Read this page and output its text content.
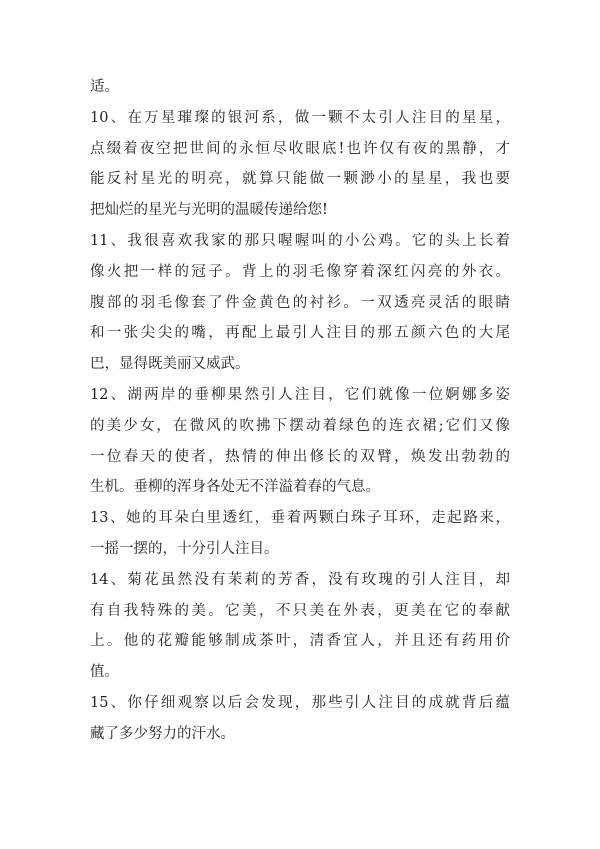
适。
10、在万星璀璨的银河系，做一颗不太引人注目的星星，
点缀着夜空把世间的永恒尽收眼底!也许仅有夜的黑静，才
能反衬星光的明亮，就算只能做一颗渺小的星星，我也要
把灿烂的星光与光明的温暖传递给您!
11、我很喜欢我家的那只喔喔叫的小公鸡。它的头上长着
像火把一样的冠子。背上的羽毛像穿着深红闪亮的外衣。
腹部的羽毛像套了件金黄色的衬衫。一双透亮灵活的眼睛
和一张尖尖的嘴，再配上最引人注目的那五颜六色的大尾
巴，显得既美丽又威武。
12、湖两岸的垂柳果然引人注目，它们就像一位婀娜多姿
的美少女，在微风的吹拂下摆动着绿色的连衣裙;它们又像
一位春天的使者，热情的伸出修长的双臂，焕发出勃勃的
生机。垂柳的浑身各处无不洋溢着春的气息。
13、她的耳朵白里透红，垂着两颗白珠子耳环，走起路来，
一摇一摆的，十分引人注目。
14、菊花虽然没有茉莉的芳香，没有玫瑰的引人注目，却
有自我特殊的美。它美，不只美在外表，更美在它的奉献
上。他的花瓣能够制成茶叶，清香宜人，并且还有药用价
值。
15、你仔细观察以后会发现，那些引人注目的成就背后蕴
藏了多少努力的汗水。
